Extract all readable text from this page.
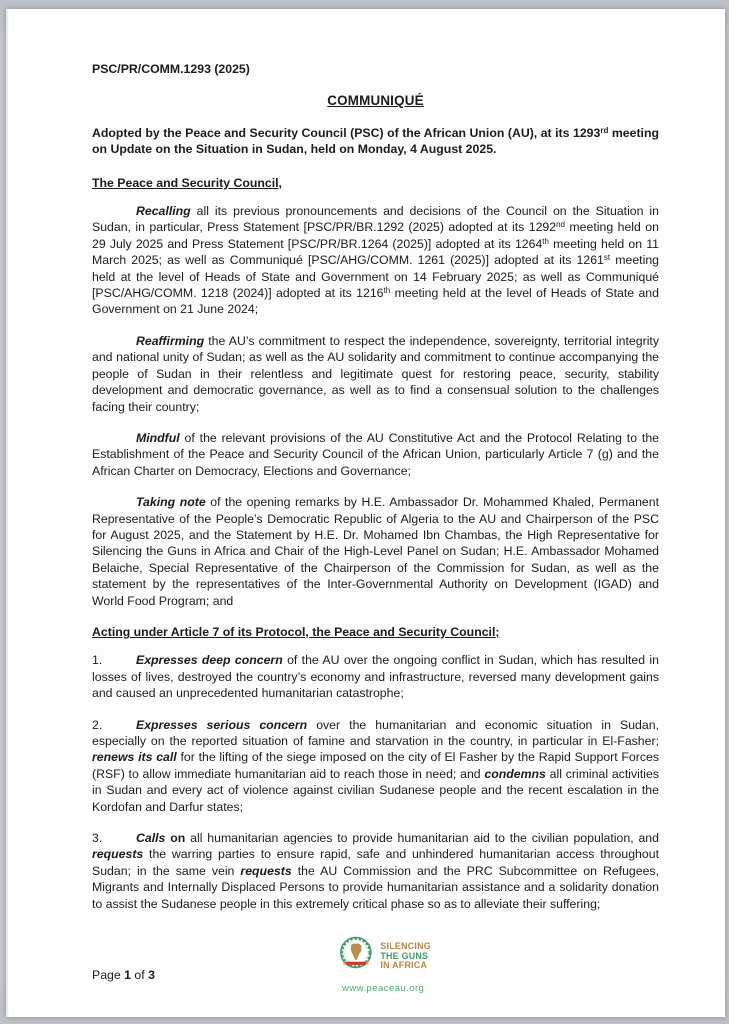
PSC/PR/COMM.1293 (2025)
COMMUNIQUÉ

Adopted by the Peace and Security Council (PSC) of the African Union (AU), at its 1293rd meeting on Update on the Situation in Sudan, held on Monday, 4 August 2025.

The Peace and Security Council,

Recalling all its previous pronouncements and decisions of the Council on the Situation in Sudan, in particular, Press Statement [PSC/PR/BR.1292 (2025) adopted at its 1292nd meeting held on 29 July 2025 and Press Statement [PSC/PR/BR.1264 (2025)] adopted at its 1264th meeting held on 11 March 2025; as well as Communiqué [PSC/AHG/COMM. 1261 (2025)] adopted at its 1261st meeting held at the level of Heads of State and Government on 14 February 2025; as well as Communiqué [PSC/AHG/COMM. 1218 (2024)] adopted at its 1216th meeting held at the level of Heads of State and Government on 21 June 2024;

Reaffirming the AU’s commitment to respect the independence, sovereignty, territorial integrity and national unity of Sudan; as well as the AU solidarity and commitment to continue accompanying the people of Sudan in their relentless and legitimate quest for restoring peace, security, stability development and democratic governance, as well as to find a consensual solution to the challenges facing their country;

Mindful of the relevant provisions of the AU Constitutive Act and the Protocol Relating to the Establishment of the Peace and Security Council of the African Union, particularly Article 7 (g) and the African Charter on Democracy, Elections and Governance;

Taking note of the opening remarks by H.E. Ambassador Dr. Mohammed Khaled, Permanent Representative of the People’s Democratic Republic of Algeria to the AU and Chairperson of the PSC for August 2025, and the Statement by H.E. Dr. Mohamed Ibn Chambas, the High Representative for Silencing the Guns in Africa and Chair of the High-Level Panel on Sudan; H.E. Ambassador Mohamed Belaiche, Special Representative of the Chairperson of the Commission for Sudan, as well as the statement by the representatives of the Inter-Governmental Authority on Development (IGAD) and World Food Program; and

Acting under Article 7 of its Protocol, the Peace and Security Council;

1.	Expresses deep concern of the AU over the ongoing conflict in Sudan, which has resulted in losses of lives, destroyed the country’s economy and infrastructure, reversed many development gains and caused an unprecedented humanitarian catastrophe;

2.	Expresses serious concern over the humanitarian and economic situation in Sudan, especially on the reported situation of famine and starvation in the country, in particular in El-Fasher; renews its call for the lifting of the siege imposed on the city of El Fasher by the Rapid Support Forces (RSF) to allow immediate humanitarian aid to reach those in need; and condemns all criminal activities in Sudan and every act of violence against civilian Sudanese people and the recent escalation in the Kordofan and Darfur states;

3.	Calls on all humanitarian agencies to provide humanitarian aid to the civilian population, and requests the warring parties to ensure rapid, safe and unhindered humanitarian access throughout Sudan; in the same vein requests the AU Commission and the PRC Subcommittee on Refugees, Migrants and Internally Displaced Persons to provide humanitarian assistance and a solidarity donation to assist the Sudanese people in this extremely critical phase so as to alleviate their suffering;

Page 1 of 3
SILENCING
THE GUNS
IN AFRICA
www.peaceau.org
